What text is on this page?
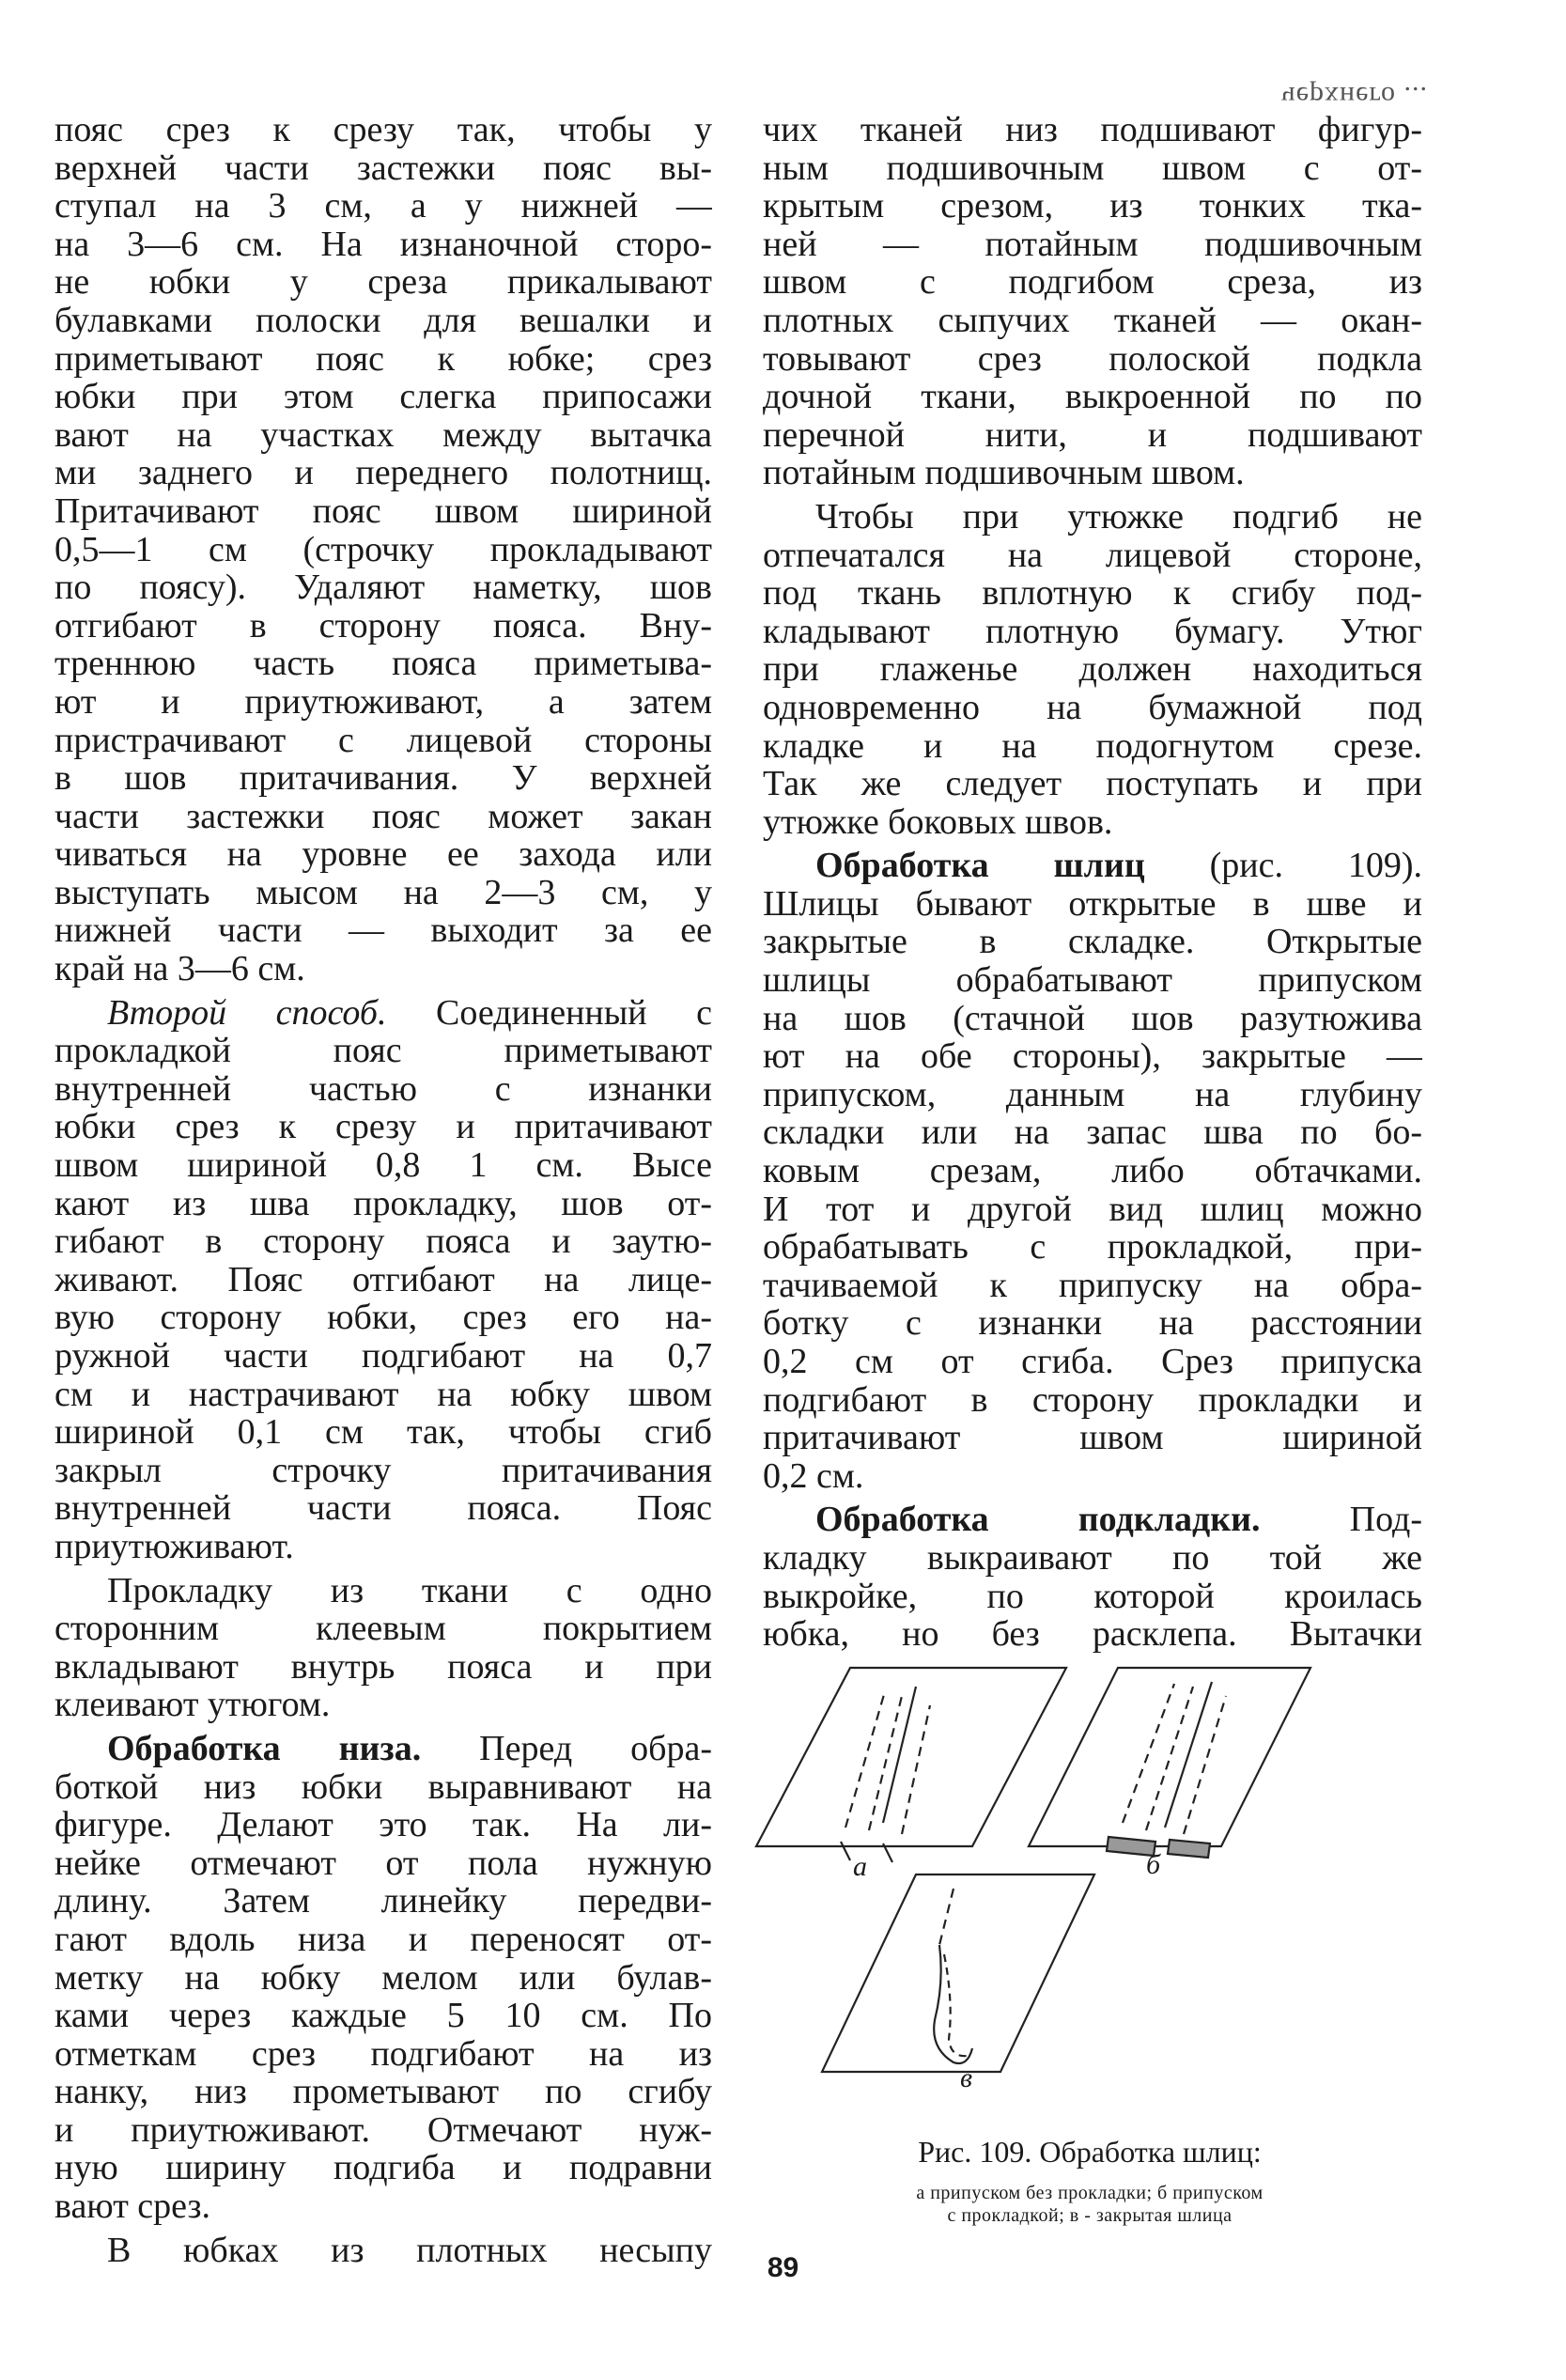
черхнего ...
пояс срез к срезу так, чтобы у
верхней части застежки пояс вы-
ступал на 3 см, а у нижней —
на 3—6 см. На изнаночной сторо-
не юбки у среза прикалывают
булавками полоски для вешалки и
приметывают пояс к юбке; срез
юбки при этом слегка припосажи
вают на участках между вытачка
ми заднего и переднего полотнищ.
Притачивают пояс швом шириной
0,5—1 см (строчку прокладывают
по поясу). Удаляют наметку, шов
отгибают в сторону пояса. Вну-
треннюю часть пояса приметыва-
ют и приутюживают, а затем
пристрачивают с лицевой стороны
в шов притачивания. У верхней
части застежки пояс может закан
чиваться на уровне ее захода или
выступать мысом на 2—3 см, у
нижней части — выходит за ее
край на 3—6 см.
Второй способ. Соединенный с
прокладкой пояс приметывают
внутренней частью с изнанки
юбки срез к срезу и притачивают
швом шириной 0,8 1 см. Высе
кают из шва прокладку, шов от-
гибают в сторону пояса и заутю-
живают. Пояс отгибают на лице-
вую сторону юбки, срез его на-
ружной части подгибают на 0,7
см и настрачивают на юбку швом
шириной 0,1 см так, чтобы сгиб
закрыл строчку притачивания
внутренней части пояса. Пояс
приутюживают.
Прокладку из ткани с одно
сторонним клеевым покрытием
вкладывают внутрь пояса и при
клеивают утюгом.
Обработка низа. Перед обра-
боткой низ юбки выравнивают на
фигуре. Делают это так. На ли-
нейке отмечают от пола нужную
длину. Затем линейку передви-
гают вдоль низа и переносят от-
метку на юбку мелом или булав-
ками через каждые 5 10 см. По
отметкам срез подгибают на из
нанку, низ прометывают по сгибу
и приутюживают. Отмечают нуж-
ную ширину подгиба и подравни
вают срез.
В юбках из плотных несыпу
чих тканей низ подшивают фигур-
ным подшивочным швом с от-
крытым срезом, из тонких тка-
ней — потайным подшивочным
швом с подгибом среза, из
плотных сыпучих тканей — окан-
товывают срез полоской подкла
дочной ткани, выкроенной по по
перечной нити, и подшивают
потайным подшивочным швом.
Чтобы при утюжке подгиб не
отпечатался на лицевой стороне,
под ткань вплотную к сгибу под-
кладывают плотную бумагу. Утюг
при глаженье должен находиться
одновременно на бумажной под
кладке и на подогнутом срезе.
Так же следует поступать и при
утюжке боковых швов.
Обработка шлиц (рис. 109).
Шлицы бывают открытые в шве и
закрытые в складке. Открытые
шлицы обрабатывают припуском
на шов (стачной шов разутюжива
ют на обе стороны), закрытые —
припуском, данным на глубину
складки или на запас шва по бо-
ковым срезам, либо обтачками.
И тот и другой вид шлиц можно
обрабатывать с прокладкой, при-
тачиваемой к припуску на обра-
ботку с изнанки на расстоянии
0,2 см от сгиба. Срез припуска
подгибают в сторону прокладки и
притачивают швом шириной
0,2 см.
Обработка подкладки. Под-
кладку выкраивают по той же
выкройке, по которой кроилась
юбка, но без расклепа. Вытачки
а	б
в
Рис. 109. Обработка шлиц:
а припуском без прокладки; б припуском
с прокладкой; в - закрытая шлица
89
